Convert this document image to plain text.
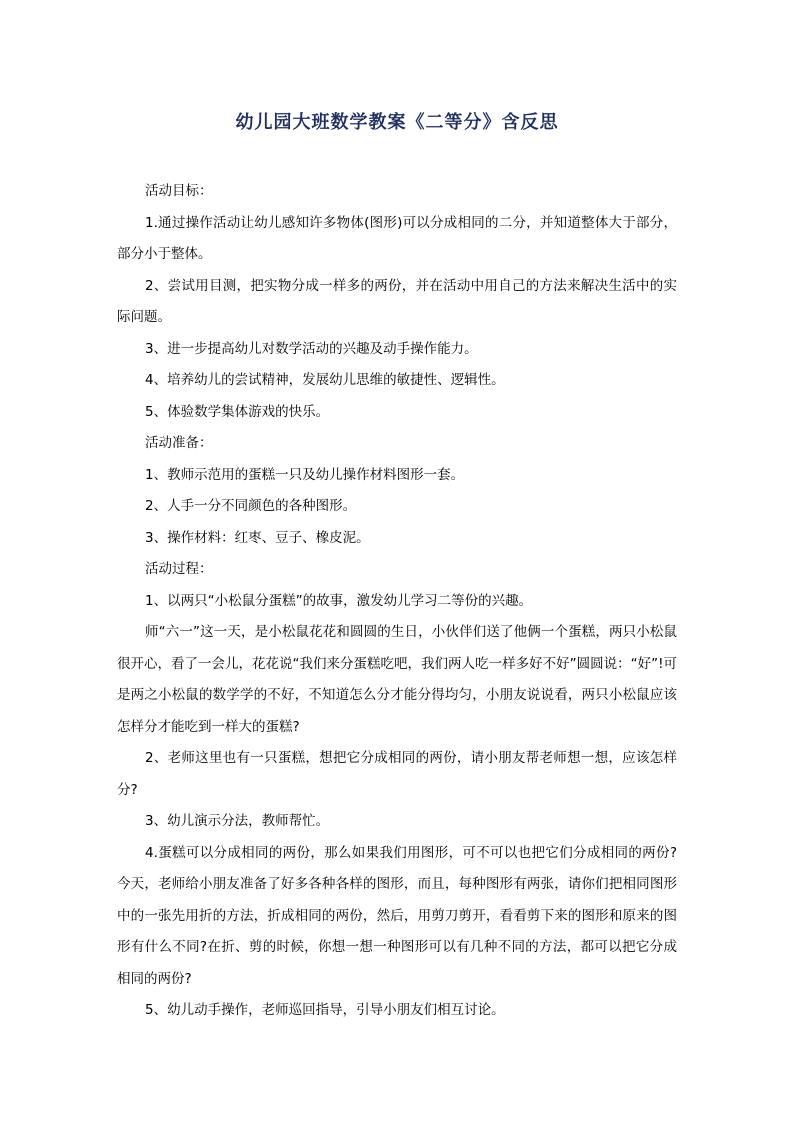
幼儿园大班数学教案《二等分》含反思

活动目标：

1.通过操作活动让幼儿感知许多物体(图形)可以分成相同的二分，并知道整体大于部分，部分小于整体。

2、尝试用目测，把实物分成一样多的两份，并在活动中用自己的方法来解决生活中的实际问题。

3、进一步提高幼儿对数学活动的兴趣及动手操作能力。

4、培养幼儿的尝试精神，发展幼儿思维的敏捷性、逻辑性。

5、体验数学集体游戏的快乐。

活动准备：

1、教师示范用的蛋糕一只及幼儿操作材料图形一套。

2、人手一分不同颜色的各种图形。

3、操作材料：红枣、豆子、橡皮泥。

活动过程：

1、以两只“小松鼠分蛋糕”的故事，激发幼儿学习二等份的兴趣。

师“六一”这一天，是小松鼠花花和圆圆的生日，小伙伴们送了他俩一个蛋糕，两只小松鼠很开心，看了一会儿，花花说“我们来分蛋糕吃吧，我们两人吃一样多好不好”圆圆说：“好”!可是两之小松鼠的数学学的不好，不知道怎么分才能分得均匀，小朋友说说看，两只小松鼠应该怎样分才能吃到一样大的蛋糕?

2、老师这里也有一只蛋糕，想把它分成相同的两份，请小朋友帮老师想一想，应该怎样分?

3、幼儿演示分法，教师帮忙。

4.蛋糕可以分成相同的两份，那么如果我们用图形，可不可以也把它们分成相同的两份?今天，老师给小朋友准备了好多各种各样的图形，而且，每种图形有两张，请你们把相同图形中的一张先用折的方法，折成相同的两份，然后，用剪刀剪开，看看剪下来的图形和原来的图形有什么不同?在折、剪的时候，你想一想一种图形可以有几种不同的方法，都可以把它分成相同的两份?

5、幼儿动手操作，老师巡回指导，引导小朋友们相互讨论。
